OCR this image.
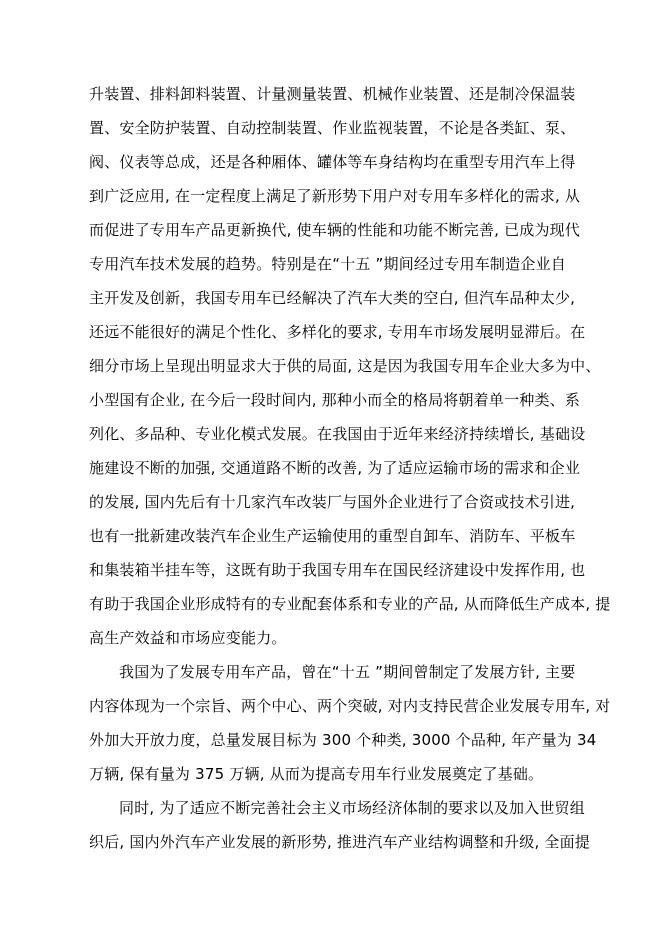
升装置、排料卸料装置、计量测量装置、机械作业装置、还是制冷保温装
置、安全防护装置、自动控制装置、作业监视装置，不论是各类缸、泵、
阀、仪表等总成，还是各种厢体、罐体等车身结构均在重型专用汽车上得
到广泛应用, 在一定程度上满足了新形势下用户对专用车多样化的需求, 从
而促进了专用车产品更新换代, 使车辆的性能和功能不断完善, 已成为现代
专用汽车技术发展的趋势。特别是在“十五 ”期间经过专用车制造企业自
主开发及创新，我国专用车已经解决了汽车大类的空白, 但汽车品种太少,
还远不能很好的满足个性化、多样化的要求, 专用车市场发展明显滞后。在
细分市场上呈现出明显求大于供的局面, 这是因为我国专用车企业大多为中、
小型国有企业, 在今后一段时间内, 那种小而全的格局将朝着单一种类、系
列化、多品种、专业化模式发展。在我国由于近年来经济持续增长, 基础设
施建设不断的加强, 交通道路不断的改善, 为了适应运输市场的需求和企业
的发展, 国内先后有十几家汽车改装厂与国外企业进行了合资或技术引进,
也有一批新建改装汽车企业生产运输使用的重型自卸车、消防车、平板车
和集装箱半挂车等，这既有助于我国专用车在国民经济建设中发挥作用, 也
有助于我国企业形成特有的专业配套体系和专业的产品, 从而降低生产成本, 提
高生产效益和市场应变能力。
我国为了发展专用车产品，曾在“十五 ”期间曾制定了发展方针, 主要
内容体现为一个宗旨、两个中心、两个突破, 对内支持民营企业发展专用车, 对
外加大开放力度，总量发展目标为 300 个种类, 3000 个品种, 年产量为 34
万辆, 保有量为 375 万辆, 从而为提高专用车行业发展奠定了基础。
同时, 为了适应不断完善社会主义市场经济体制的要求以及加入世贸组
织后, 国内外汽车产业发展的新形势, 推进汽车产业结构调整和升级, 全面提
